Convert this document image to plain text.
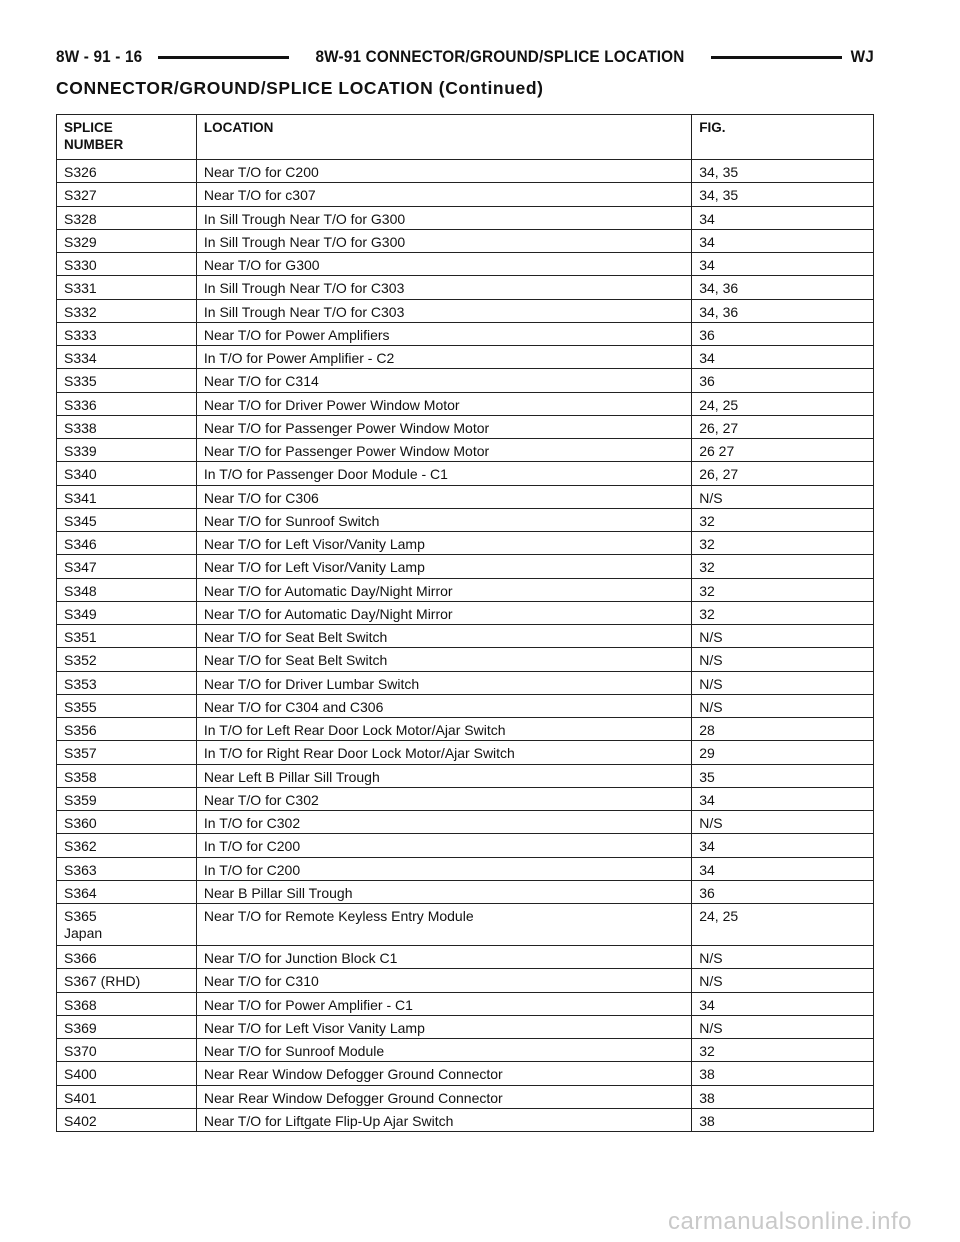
8W - 91 - 16	8W-91 CONNECTOR/GROUND/SPLICE LOCATION	WJ
CONNECTOR/GROUND/SPLICE LOCATION (Continued)
SPLICE
NUMBER	LOCATION	FIG.
S326	Near T/O for C200	34, 35
S327	Near T/O for c307	34, 35
S328	In Sill Trough Near T/O for G300	34
S329	In Sill Trough Near T/O for G300	34
S330	Near T/O for G300	34
S331	In Sill Trough Near T/O for C303	34, 36
S332	In Sill Trough Near T/O for C303	34, 36
S333	Near T/O for Power Amplifiers	36
S334	In T/O for Power Amplifier - C2	34
S335	Near T/O for C314	36
S336	Near T/O for Driver Power Window Motor	24, 25
S338	Near T/O for Passenger Power Window Motor	26, 27
S339	Near T/O for Passenger Power Window Motor	26 27
S340	In T/O for Passenger Door Module - C1	26, 27
S341	Near T/O for C306	N/S
S345	Near T/O for Sunroof Switch	32
S346	Near T/O for Left Visor/Vanity Lamp	32
S347	Near T/O for Left Visor/Vanity Lamp	32
S348	Near T/O for Automatic Day/Night Mirror	32
S349	Near T/O for Automatic Day/Night Mirror	32
S351	Near T/O for Seat Belt Switch	N/S
S352	Near T/O for Seat Belt Switch	N/S
S353	Near T/O for Driver Lumbar Switch	N/S
S355	Near T/O for C304 and C306	N/S
S356	In T/O for Left Rear Door Lock Motor/Ajar Switch	28
S357	In T/O for Right Rear Door Lock Motor/Ajar Switch	29
S358	Near Left B Pillar Sill Trough	35
S359	Near T/O for C302	34
S360	In T/O for C302	N/S
S362	In T/O for C200	34
S363	In T/O for C200	34
S364	Near B Pillar Sill Trough	36
S365
Japan	Near T/O for Remote Keyless Entry Module	24, 25
S366	Near T/O for Junction Block C1	N/S
S367 (RHD)	Near T/O for C310	N/S
S368	Near T/O for Power Amplifier - C1	34
S369	Near T/O for Left Visor Vanity Lamp	N/S
S370	Near T/O for Sunroof Module	32
S400	Near Rear Window Defogger Ground Connector	38
S401	Near Rear Window Defogger Ground Connector	38
S402	Near T/O for Liftgate Flip-Up Ajar Switch	38
carmanualsonline.info
